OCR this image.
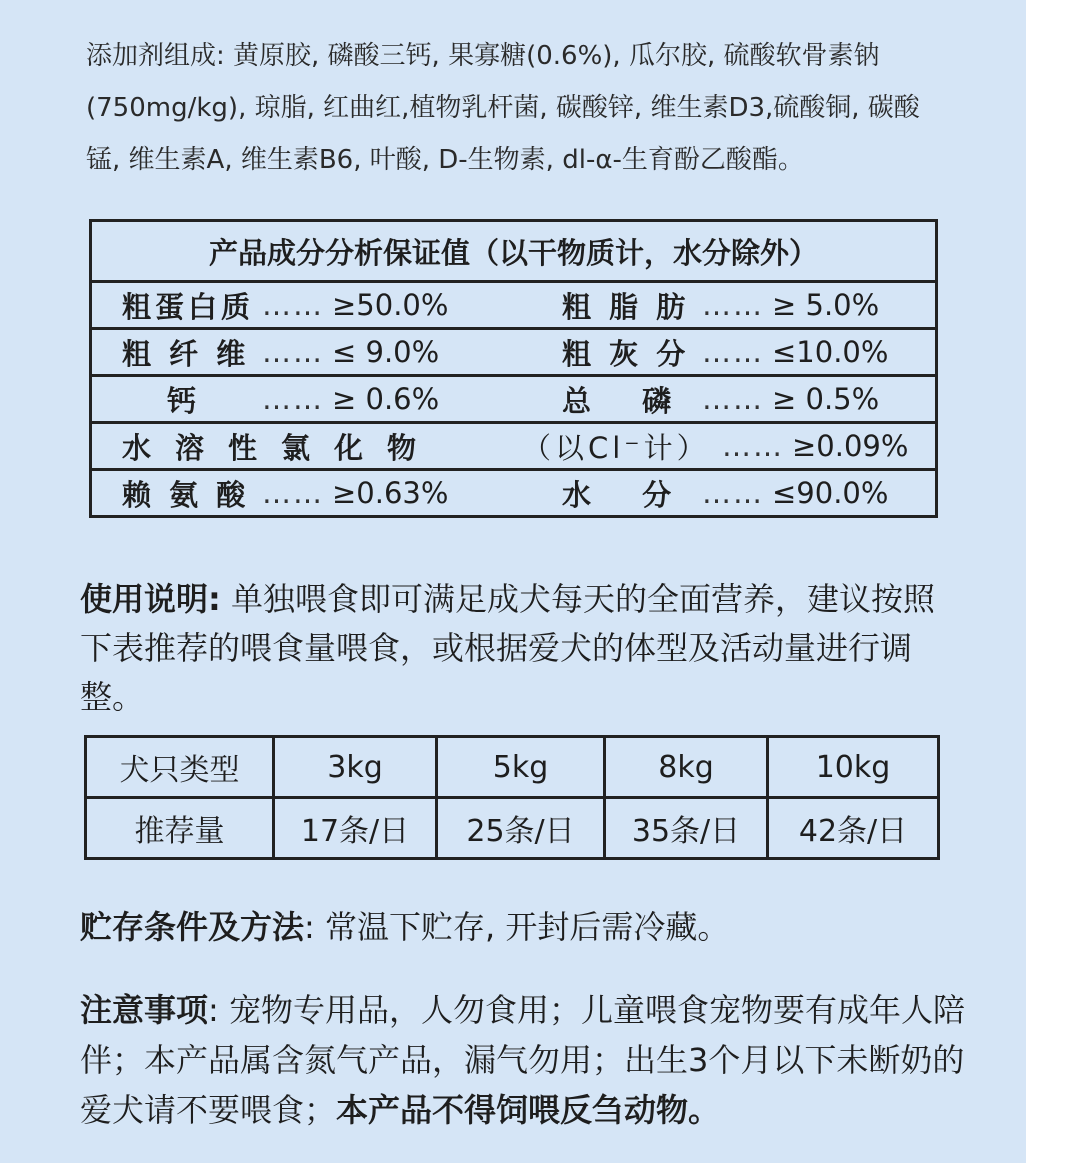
添加剂组成: 黄原胶, 磷酸三钙, 果寡糖(0.6%), 瓜尔胶, 硫酸软骨素钠(750mg/kg), 琼脂, 红曲红,植物乳杆菌, 碳酸锌, 维生素D3,硫酸铜, 碳酸锰, 维生素A, 维生素B6, 叶酸, D-生物素, dl-α-生育酚乙酸酯。

产品成分分析保证值（以干物质计，水分除外）

粗蛋白质 …… ≥50.0%	粗 脂 肪 …… ≥ 5.0%

粗 纤 维 …… ≤ 9.0%	粗 灰 分 …… ≤10.0%

钙	…… ≥ 0.6%	总　 磷 …… ≥ 0.5%

水溶性氯化物	（以Cl⁻计） …… ≥0.09%

赖 氨 酸 …… ≥0.63%	水　 分 …… ≤90.0%

使用说明: 单独喂食即可满足成犬每天的全面营养，建议按照下表推荐的喂食量喂食，或根据爱犬的体型及活动量进行调整。

犬只类型	3kg	5kg	8kg	10kg
推荐量	17条/日	25条/日	35条/日	42条/日

贮存条件及方法: 常温下贮存, 开封后需冷藏。

注意事项: 宠物专用品，人勿食用；儿童喂食宠物要有成年人陪伴；本产品属含氮气产品，漏气勿用；出生3个月以下未断奶的爱犬请不要喂食；本产品不得饲喂反刍动物。
